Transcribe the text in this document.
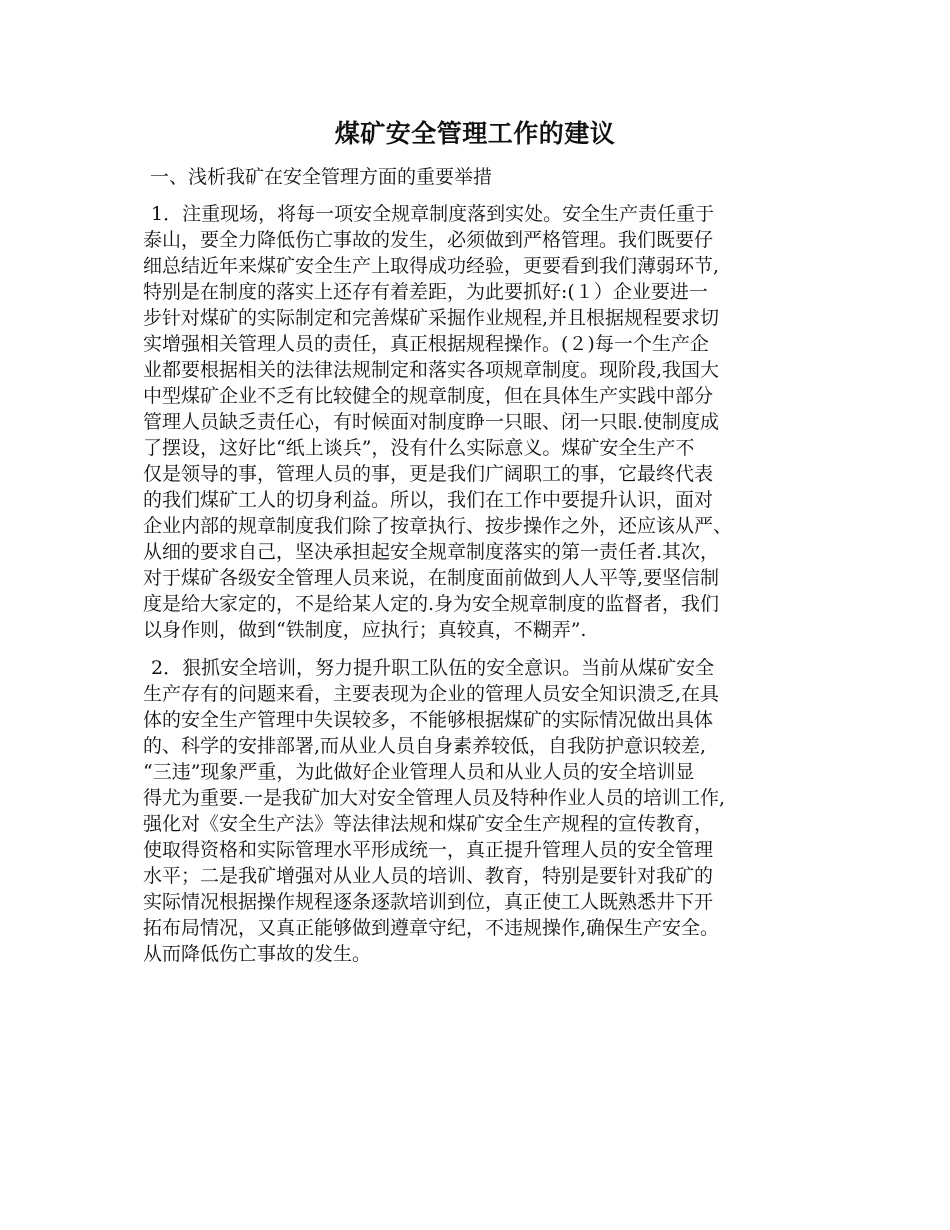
煤矿安全管理工作的建议
一、浅析我矿在安全管理方面的重要举措
1．注重现场，将每一项安全规章制度落到实处。安全生产责任重于
泰山，要全力降低伤亡事故的发生，必须做到严格管理。我们既要仔
细总结近年来煤矿安全生产上取得成功经验，更要看到我们薄弱环节,
特别是在制度的落实上还存有着差距，为此要抓好:(１）企业要进一
步针对煤矿的实际制定和完善煤矿采掘作业规程,并且根据规程要求切
实增强相关管理人员的责任，真正根据规程操作。(２)每一个生产企
业都要根据相关的法律法规制定和落实各项规章制度。现阶段,我国大
中型煤矿企业不乏有比较健全的规章制度，但在具体生产实践中部分
管理人员缺乏责任心，有时候面对制度睁一只眼、闭一只眼.使制度成
了摆设，这好比“纸上谈兵”，没有什么实际意义。煤矿安全生产不
仅是领导的事，管理人员的事，更是我们广阔职工的事，它最终代表
的我们煤矿工人的切身利益。所以，我们在工作中要提升认识，面对
企业内部的规章制度我们除了按章执行、按步操作之外，还应该从严、
从细的要求自己，坚决承担起安全规章制度落实的第一责任者.其次，
对于煤矿各级安全管理人员来说，在制度面前做到人人平等,要坚信制
度是给大家定的，不是给某人定的.身为安全规章制度的监督者，我们
以身作则，做到“铁制度，应执行；真较真，不糊弄”.
2．狠抓安全培训，努力提升职工队伍的安全意识。当前从煤矿安全
生产存有的问题来看，主要表现为企业的管理人员安全知识溃乏,在具
体的安全生产管理中失误较多，不能够根据煤矿的实际情况做出具体
的、科学的安排部署,而从业人员自身素养较低，自我防护意识较差,
“三违”现象严重，为此做好企业管理人员和从业人员的安全培训显
得尤为重要.一是我矿加大对安全管理人员及特种作业人员的培训工作,
强化对《安全生产法》等法律法规和煤矿安全生产规程的宣传教育，
使取得资格和实际管理水平形成统一，真正提升管理人员的安全管理
水平；二是我矿增强对从业人员的培训、教育，特别是要针对我矿的
实际情况根据操作规程逐条逐款培训到位，真正使工人既熟悉井下开
拓布局情况，又真正能够做到遵章守纪，不违规操作,确保生产安全。
从而降低伤亡事故的发生。
